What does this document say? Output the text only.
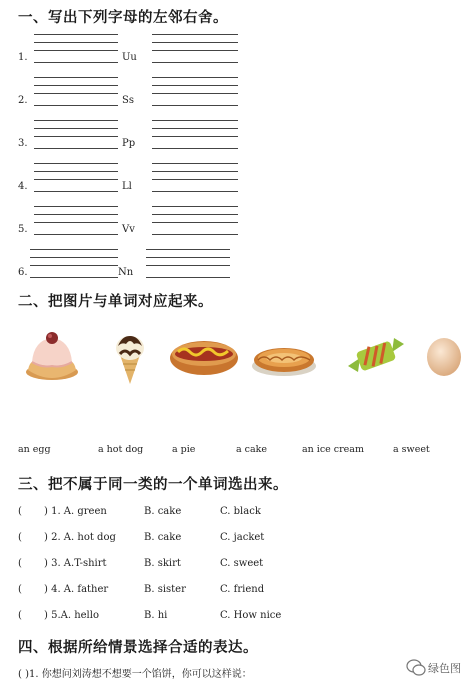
一、写出下列字母的左邻右舍。
1.	Uu
2.	Ss
3.	Pp
4.	Ll
5.	Vv
6.	Nn
二、把图片与单词对应起来。
an egg	a hot dog	a pie	a cake	an ice cream	a sweet
三、把不属于同一类的一个单词选出来。
( ) 1. A. green	B. cake	C. black
( ) 2. A. hot dog	B. cake	C. jacket
( ) 3. A.T-shirt	B. skirt	C. sweet
( ) 4. A. father	B. sister	C. friend
( ) 5.A. hello	B. hi	C. How nice
四、根据所给情景选择合适的表达。
( )1. 你想问刘涛想不想要一个馅饼，你可以这样说：	绿色图
